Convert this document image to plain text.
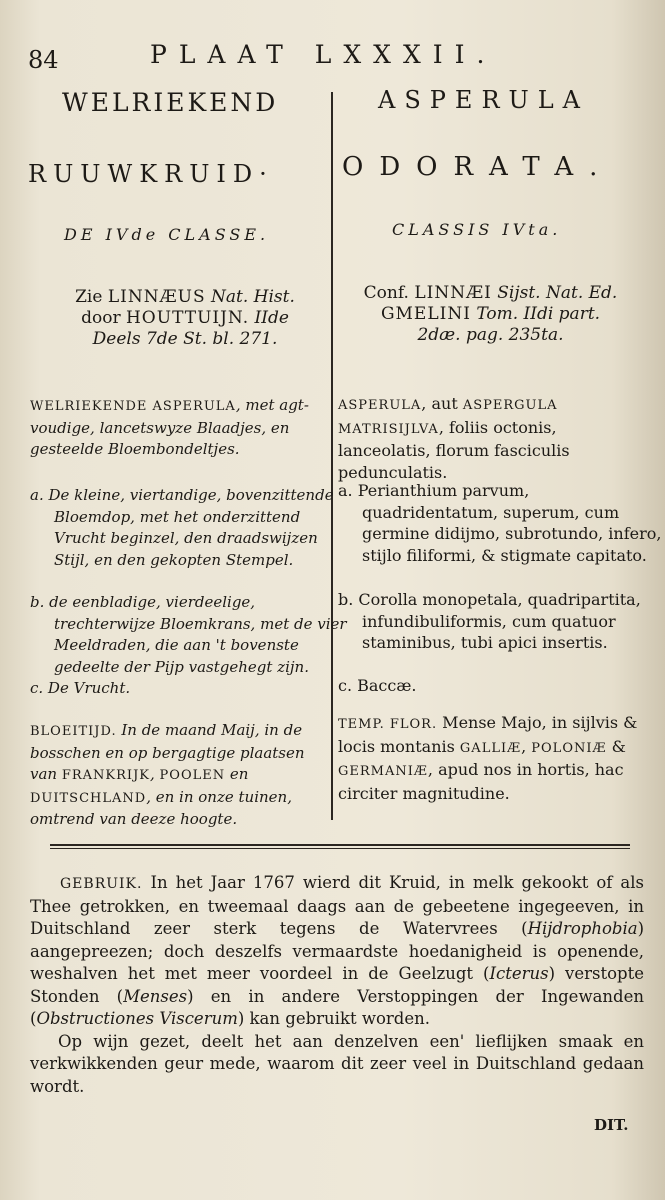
84	PLAAT LXXXII.
WELRIEKEND	ASPERULA
RUUWKRUID·	ODORATA.
DE IVde CLASSE.	CLASSIS IVta.
Zie LINNÆUS Nat. Hist.
door HOUTTUIJN. IIde
Deels 7de St. bl. 271.
Conf. LINNÆI Sijst. Nat. Ed.
GMELINI Tom. IIdi part.
2dæ. pag. 235ta.
WELRIEKENDE ASPERULA, met agt-voudige, lancetswyze Blaadjes, en gesteelde Bloembondeltjes.
a. De kleine, viertandige, bovenzittende Bloemdop, met het onderzittend Vrucht beginzel, den draadswijzen Stijl, en den gekopten Stempel.
b. de eenbladige, vierdeelige, trechterwijze Bloemkrans, met de vier Meeldraden, die aan 't bovenste gedeelte der Pijp vastgehegt zijn.
c. De Vrucht.
BLOEITIJD. In de maand Maij, in de bosschen en op bergagtige plaatsen van FRANKRIJK, POOLEN en DUITSCHLAND, en in onze tuinen, omtrend van deeze hoogte.
ASPERULA, aut ASPERGULA MATRISIJLVA, foliis octonis, lanceolatis, florum fasciculis pedunculatis.
a. Perianthium parvum, quadridentatum, superum, cum germine didijmo, subrotundo, infero, stijlo filiformi, & stigmate capitato.
b. Corolla monopetala, quadripartita, infundibuliformis, cum quatuor staminibus, tubi apici insertis.
c. Baccæ.
TEMP. FLOR. Mense Majo, in sijlvis & locis montanis GALLIÆ, POLONIÆ & GERMANIÆ, apud nos in hortis, hac circiter magnitudine.

GEBRUIK. In het Jaar 1767 wierd dit Kruid, in melk gekookt of als Thee getrokken, en tweemaal daags aan de gebeetene ingegeeven, in Duitschland zeer sterk tegens de Watervrees (Hijdrophobia) aangepreezen; doch deszelfs vermaardste hoedanigheid is openende, weshalven het met meer voordeel in de Geelzugt (Icterus) verstopte Stonden (Menses) en in andere Verstoppingen der Ingewanden (Obstructiones Viscerum) kan gebruikt worden.

Op wijn gezet, deelt het aan denzelven een' lieflijken smaak en verkwikkenden geur mede, waarom dit zeer veel in Duitschland gedaan wordt.

DIT.
